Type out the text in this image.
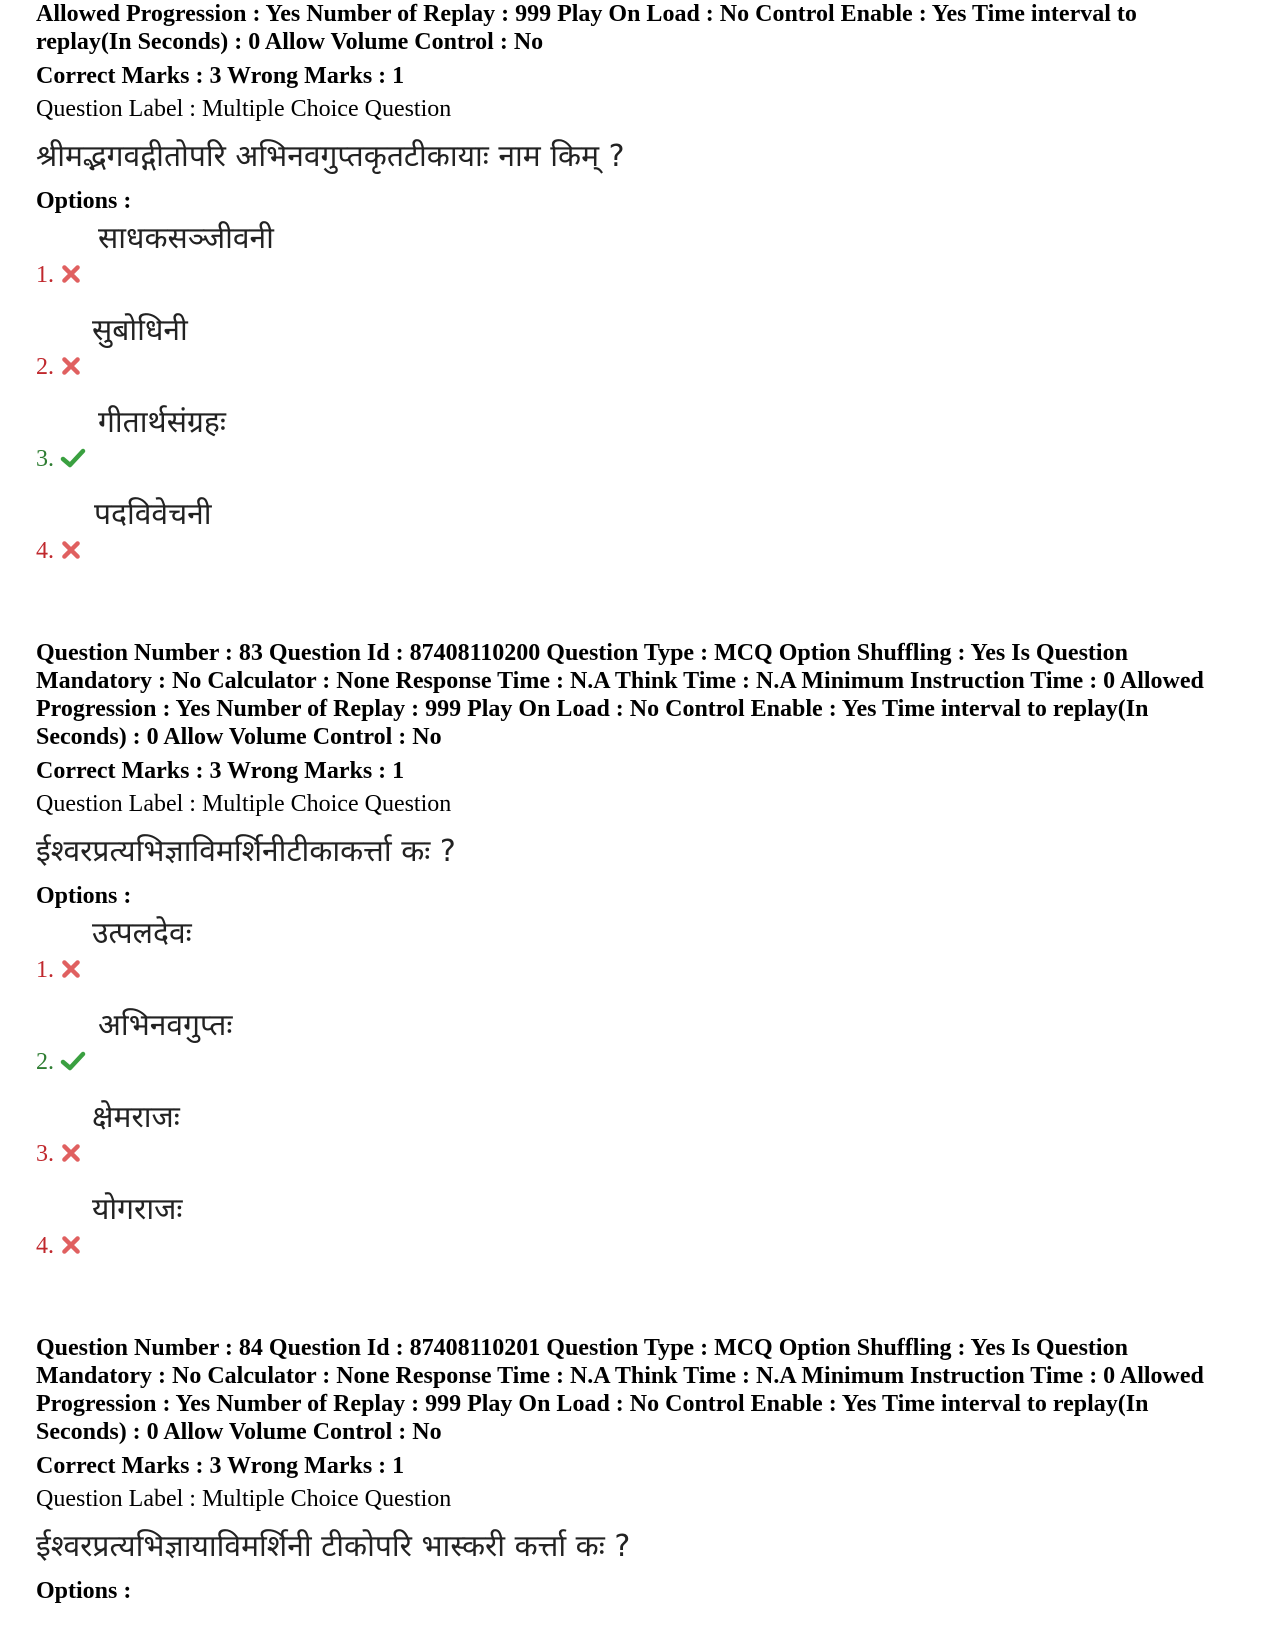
Allowed Progression : Yes Number of Replay : 999 Play On Load : No Control Enable : Yes Time interval to replay(In Seconds) : 0 Allow Volume Control : No

Correct Marks : 3 Wrong Marks : 1

Question Label : Multiple Choice Question

श्रीमद्भगवद्गीतोपरि अभिनवगुप्तकृतटीकायाः नाम किम् ?

Options :

1.
साधकसञ्जीवनी
2.
सुबोधिनी
3.
गीतार्थसंग्रहः
4.
पदविवेचनी

Question Number : 83 Question Id : 87408110200 Question Type : MCQ Option Shuffling : Yes Is Question Mandatory : No Calculator : None Response Time : N.A Think Time : N.A Minimum Instruction Time : 0 Allowed Progression : Yes Number of Replay : 999 Play On Load : No Control Enable : Yes Time interval to replay(In Seconds) : 0 Allow Volume Control : No

Correct Marks : 3 Wrong Marks : 1

Question Label : Multiple Choice Question

ईश्वरप्रत्यभिज्ञाविमर्शिनीटीकाकर्त्ता कः ?

Options :

1.
उत्पलदेवः
2.
अभिनवगुप्तः
3.
क्षेमराजः
4.
योगराजः

Question Number : 84 Question Id : 87408110201 Question Type : MCQ Option Shuffling : Yes Is Question Mandatory : No Calculator : None Response Time : N.A Think Time : N.A Minimum Instruction Time : 0 Allowed Progression : Yes Number of Replay : 999 Play On Load : No Control Enable : Yes Time interval to replay(In Seconds) : 0 Allow Volume Control : No

Correct Marks : 3 Wrong Marks : 1

Question Label : Multiple Choice Question

ईश्वरप्रत्यभिज्ञायाविमर्शिनी टीकोपरि भास्करी कर्त्ता कः ?

Options :
